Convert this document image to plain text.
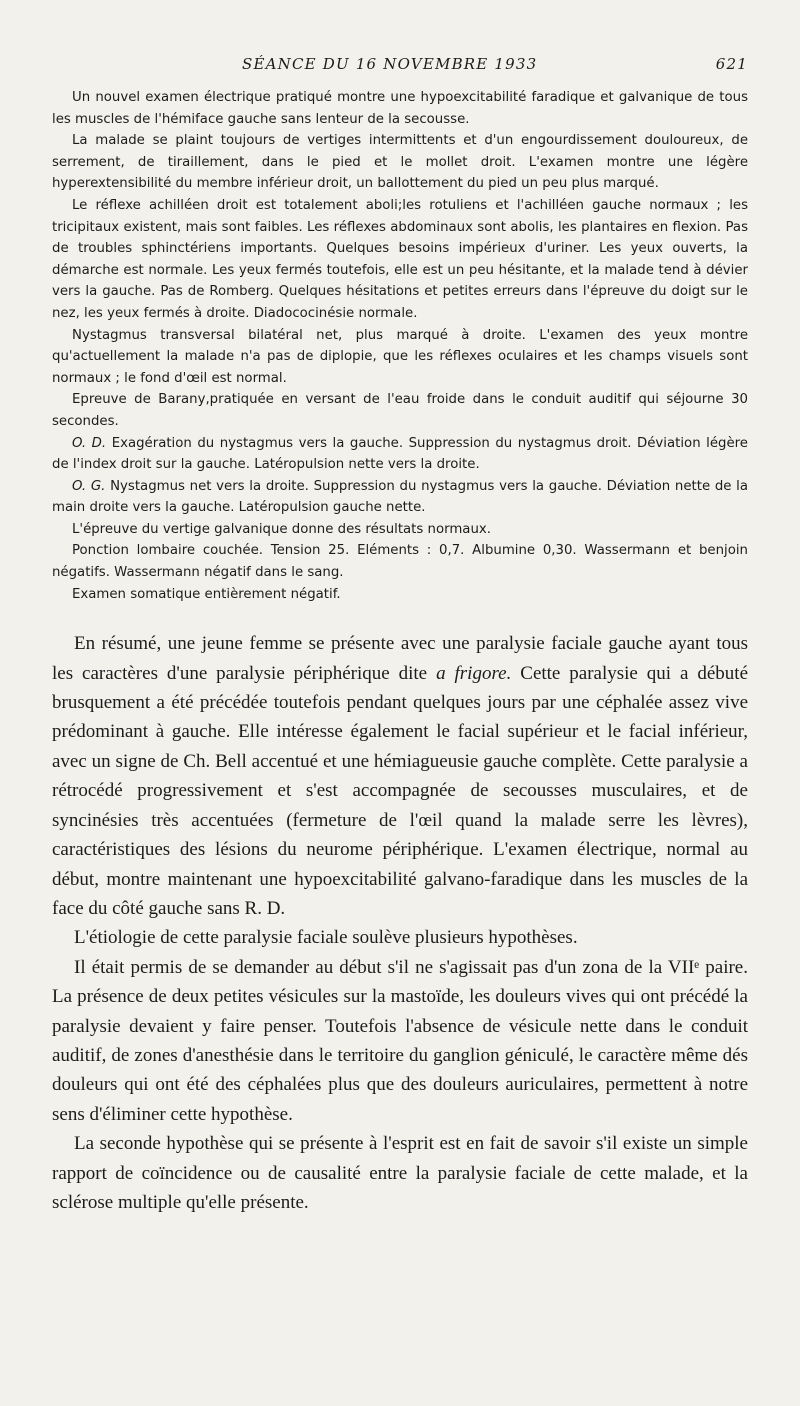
SÉANCE DU 16 NOVEMBRE 1933	621

Un nouvel examen électrique pratiqué montre une hypoexcitabilité faradique et galvanique de tous les muscles de l'hémiface gauche sans lenteur de la secousse.

La malade se plaint toujours de vertiges intermittents et d'un engourdissement douloureux, de serrement, de tiraillement, dans le pied et le mollet droit. L'examen montre une légère hyperextensibilité du membre inférieur droit, un ballottement du pied un peu plus marqué.

Le réflexe achilléen droit est totalement aboli;les rotuliens et l'achilléen gauche normaux ; les tricipitaux existent, mais sont faibles. Les réflexes abdominaux sont abolis, les plantaires en flexion. Pas de troubles sphinctériens importants. Quelques besoins impérieux d'uriner. Les yeux ouverts, la démarche est normale. Les yeux fermés toutefois, elle est un peu hésitante, et la malade tend à dévier vers la gauche. Pas de Romberg. Quelques hésitations et petites erreurs dans l'épreuve du doigt sur le nez, les yeux fermés à droite. Diadococinésie normale.

Nystagmus transversal bilatéral net, plus marqué à droite. L'examen des yeux montre qu'actuellement la malade n'a pas de diplopie, que les réflexes oculaires et les champs visuels sont normaux ; le fond d'œil est normal.

Epreuve de Barany,pratiquée en versant de l'eau froide dans le conduit auditif qui séjourne 30 secondes.

O. D. Exagération du nystagmus vers la gauche. Suppression du nystagmus droit. Déviation légère de l'index droit sur la gauche. Latéropulsion nette vers la droite.

O. G. Nystagmus net vers la droite. Suppression du nystagmus vers la gauche. Déviation nette de la main droite vers la gauche. Latéropulsion gauche nette.

L'épreuve du vertige galvanique donne des résultats normaux.

Ponction lombaire couchée. Tension 25. Eléments : 0,7. Albumine 0,30. Wassermann et benjoin négatifs. Wassermann négatif dans le sang.

Examen somatique entièrement négatif.

En résumé, une jeune femme se présente avec une paralysie faciale gauche ayant tous les caractères d'une paralysie périphérique dite a frigore. Cette paralysie qui a débuté brusquement a été précédée toutefois pendant quelques jours par une céphalée assez vive prédominant à gauche. Elle intéresse également le facial supérieur et le facial inférieur, avec un signe de Ch. Bell accentué et une hémiagueusie gauche complète. Cette paralysie a rétrocédé progressivement et s'est accompagnée de secousses musculaires, et de syncinésies très accentuées (fermeture de l'œil quand la malade serre les lèvres), caractéristiques des lésions du neurome périphérique. L'examen électrique, normal au début, montre maintenant une hypoexcitabilité galvano-faradique dans les muscles de la face du côté gauche sans R. D.

L'étiologie de cette paralysie faciale soulève plusieurs hypothèses.

Il était permis de se demander au début s'il ne s'agissait pas d'un zona de la VIIᵉ paire. La présence de deux petites vésicules sur la mastoïde, les douleurs vives qui ont précédé la paralysie devaient y faire penser. Toutefois l'absence de vésicule nette dans le conduit auditif, de zones d'anesthésie dans le territoire du ganglion géniculé, le caractère même dés douleurs qui ont été des céphalées plus que des douleurs auriculaires, permettent à notre sens d'éliminer cette hypothèse.

La seconde hypothèse qui se présente à l'esprit est en fait de savoir s'il existe un simple rapport de coïncidence ou de causalité entre la paralysie faciale de cette malade, et la sclérose multiple qu'elle présente.
